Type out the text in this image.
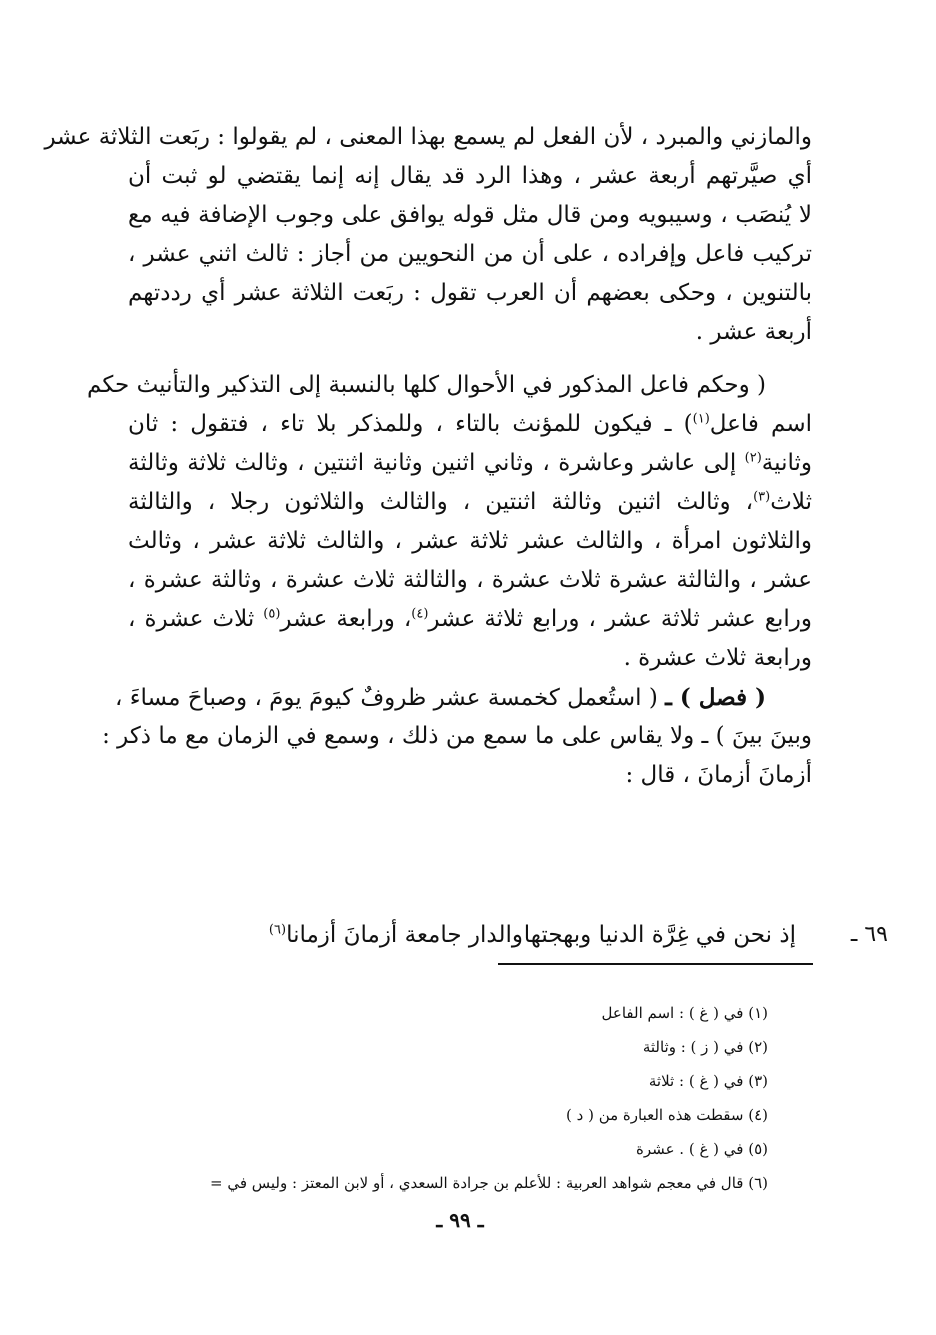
والمازني والمبرد ، لأن الفعل لم يسمع بهذا المعنى ، لم يقولوا : ربَعت الثلاثة عشر
أي صيَّرتهم أربعة عشر ، وهذا الرد قد يقال إنه إنما يقتضي لو ثبت أن
لا يُنصَب ، وسيبويه ومن قال مثل قوله يوافق على وجوب الإضافة فيه مع
تركيب فاعل وإفراده ، على أن من النحويين من أجاز : ثالث اثني عشر ،
بالتنوين ، وحكى بعضهم أن العرب تقول : ربَعت الثلاثة عشر أي رددتهم
أربعة عشر .
( وحكم فاعل المذكور في الأحوال كلها بالنسبة إلى التذكير والتأنيث حكم
اسم فاعل$^{(١)}$) ـ فيكون للمؤنث بالتاء ، وللمذكر بلا تاء ، فتقول : ثان
وثانية$^{(٢)}$ إلى عاشر وعاشرة ، وثاني اثنين وثانية اثنتين ، وثالث ثلاثة وثالثة
ثلاث$^{(٣)}$، وثالث اثنين وثالثة اثنتين ، والثالث والثلاثون رجلا ، والثالثة
والثلاثون امرأة ، والثالث عشر ثلاثة عشر ، والثالث ثلاثة عشر ، وثالث
عشر ، والثالثة عشرة ثلاث عشرة ، والثالثة ثلاث عشرة ، وثالثة عشرة ،
ورابع عشر ثلاثة عشر ، ورابع ثلاثة عشر$^{(٤)}$، ورابعة عشر$^{(٥)}$ ثلاث عشرة ،
ورابعة ثلاث عشرة .
( فصل ) ـ ( استُعمل كخمسة عشر ظروفٌ كيومَ يومَ ، وصباحَ مساءَ ،
وبينَ بينَ ) ـ ولا يقاس على ما سمع من ذلك ، وسمع في الزمان مع ما ذكر :
أزمانَ أزمانَ ، قال :
٦٩ ـ
إذ نحن في غِرَّة الدنيا وبهجتها
والدار جامعة أزمانَ أزمانا$^{(٦)}$
(١) في ( غ ) : اسم الفاعل
(٢) في ( ز ) : وثالثة
(٣) في ( غ ) : ثلاثة
(٤) سقطت هذه العبارة من ( د )
(٥) في ( غ ) . عشرة
(٦) قال في معجم شواهد العربية : للأعلم بن جرادة السعدي ، أو لابن المعتز : وليس في =
ـ ٩٩ ـ
